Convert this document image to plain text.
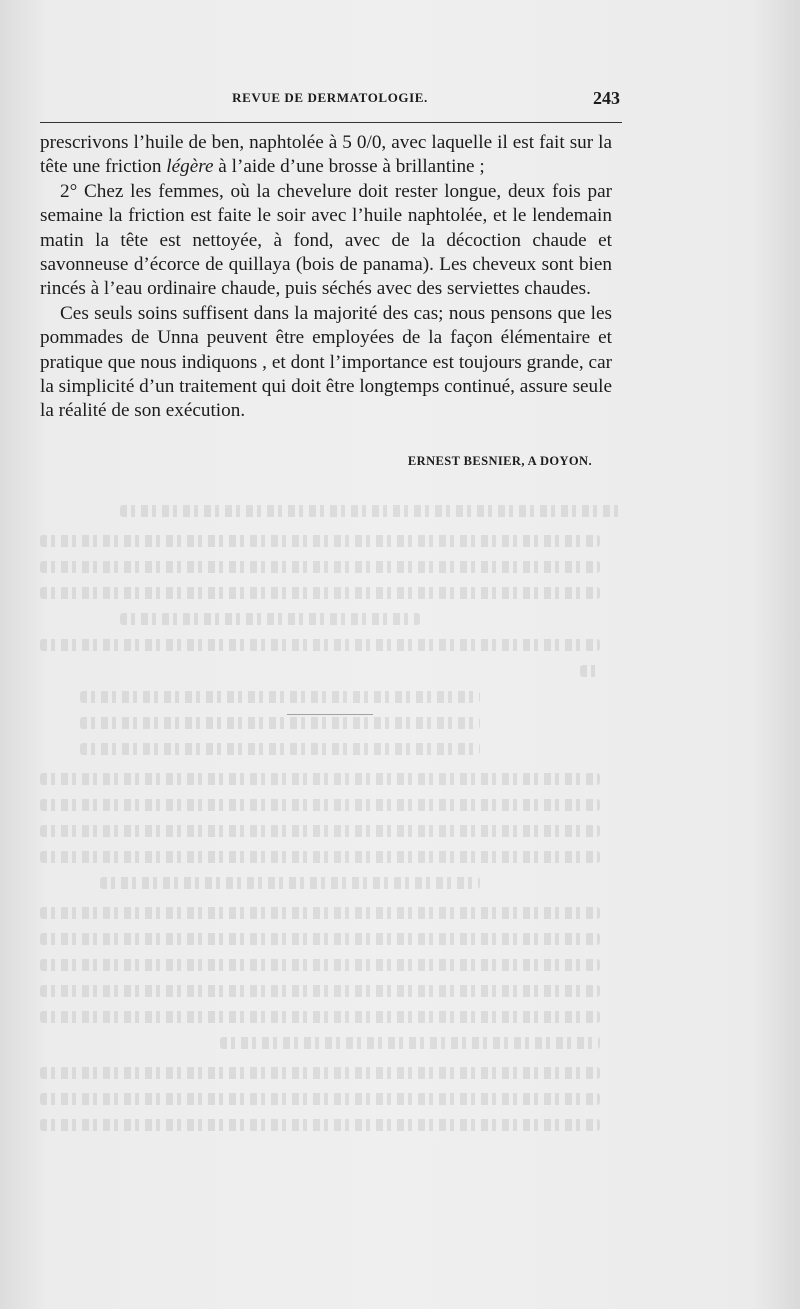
REVUE DE DERMATOLOGIE.	243

prescrivons l’huile de ben, naphtolée à 5 0/0, avec laquelle il est fait sur la tête une friction légère à l’aide d’une brosse à brillantine ;

2° Chez les femmes, où la chevelure doit rester longue, deux fois par semaine la friction est faite le soir avec l’huile naphtolée, et le lendemain matin la tête est nettoyée, à fond, avec de la décoction chaude et savonneuse d’écorce de quillaya (bois de panama). Les cheveux sont bien rincés à l’eau ordinaire chaude, puis séchés avec des serviettes chaudes.

Ces seuls soins suffisent dans la majorité des cas; nous pensons que les pommades de Unna peuvent être employées de la façon élémentaire et pratique que nous indiquons , et dont l’importance est toujours grande, car la simplicité d’un traitement qui doit être longtemps continué, assure seule la réalité de son exécution.

ERNEST BESNIER, A DOYON.
